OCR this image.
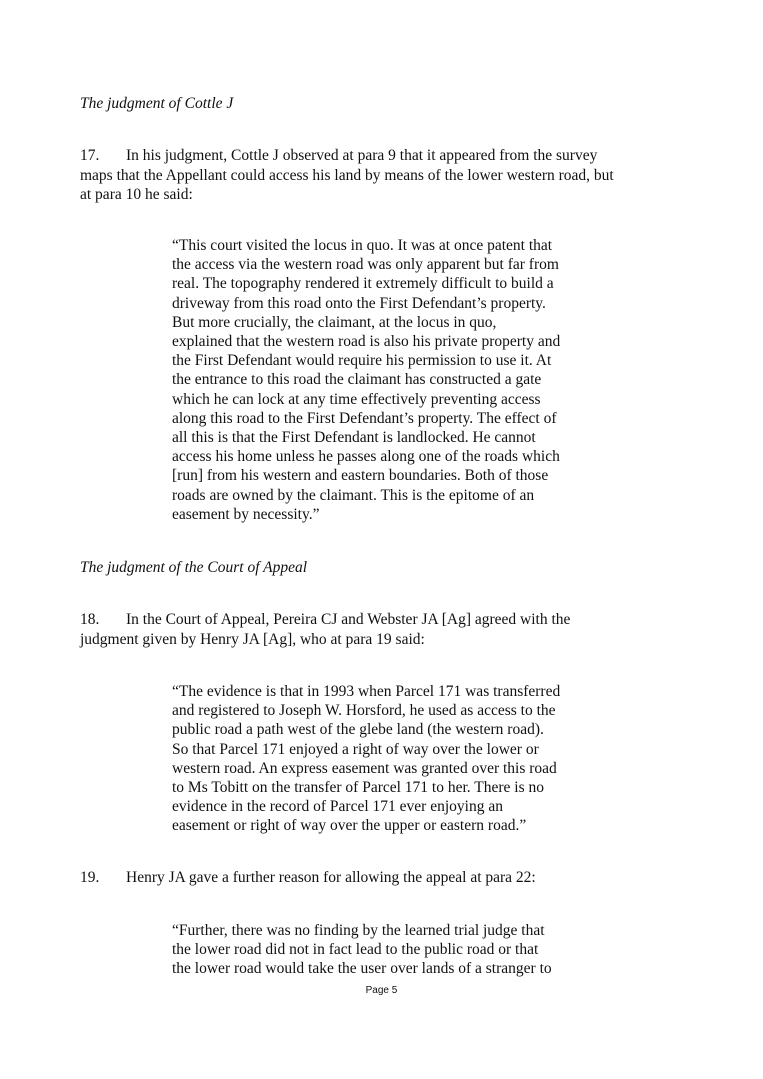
The judgment of Cottle J

17. In his judgment, Cottle J observed at para 9 that it appeared from the survey
maps that the Appellant could access his land by means of the lower western road, but
at para 10 he said:
“This court visited the locus in quo. It was at once patent that
the access via the western road was only apparent but far from
real. The topography rendered it extremely difficult to build a
driveway from this road onto the First Defendant’s property.
But more crucially, the claimant, at the locus in quo,
explained that the western road is also his private property and
the First Defendant would require his permission to use it. At
the entrance to this road the claimant has constructed a gate
which he can lock at any time effectively preventing access
along this road to the First Defendant’s property. The effect of
all this is that the First Defendant is landlocked. He cannot
access his home unless he passes along one of the roads which
[run] from his western and eastern boundaries. Both of those
roads are owned by the claimant. This is the epitome of an
easement by necessity.”

The judgment of the Court of Appeal

18. In the Court of Appeal, Pereira CJ and Webster JA [Ag] agreed with the
judgment given by Henry JA [Ag], who at para 19 said:
“The evidence is that in 1993 when Parcel 171 was transferred
and registered to Joseph W. Horsford, he used as access to the
public road a path west of the glebe land (the western road).
So that Parcel 171 enjoyed a right of way over the lower or
western road. An express easement was granted over this road
to Ms Tobitt on the transfer of Parcel 171 to her. There is no
evidence in the record of Parcel 171 ever enjoying an
easement or right of way over the upper or eastern road.”
19. Henry JA gave a further reason for allowing the appeal at para 22:
“Further, there was no finding by the learned trial judge that
the lower road did not in fact lead to the public road or that
the lower road would take the user over lands of a stranger to
Page 5
